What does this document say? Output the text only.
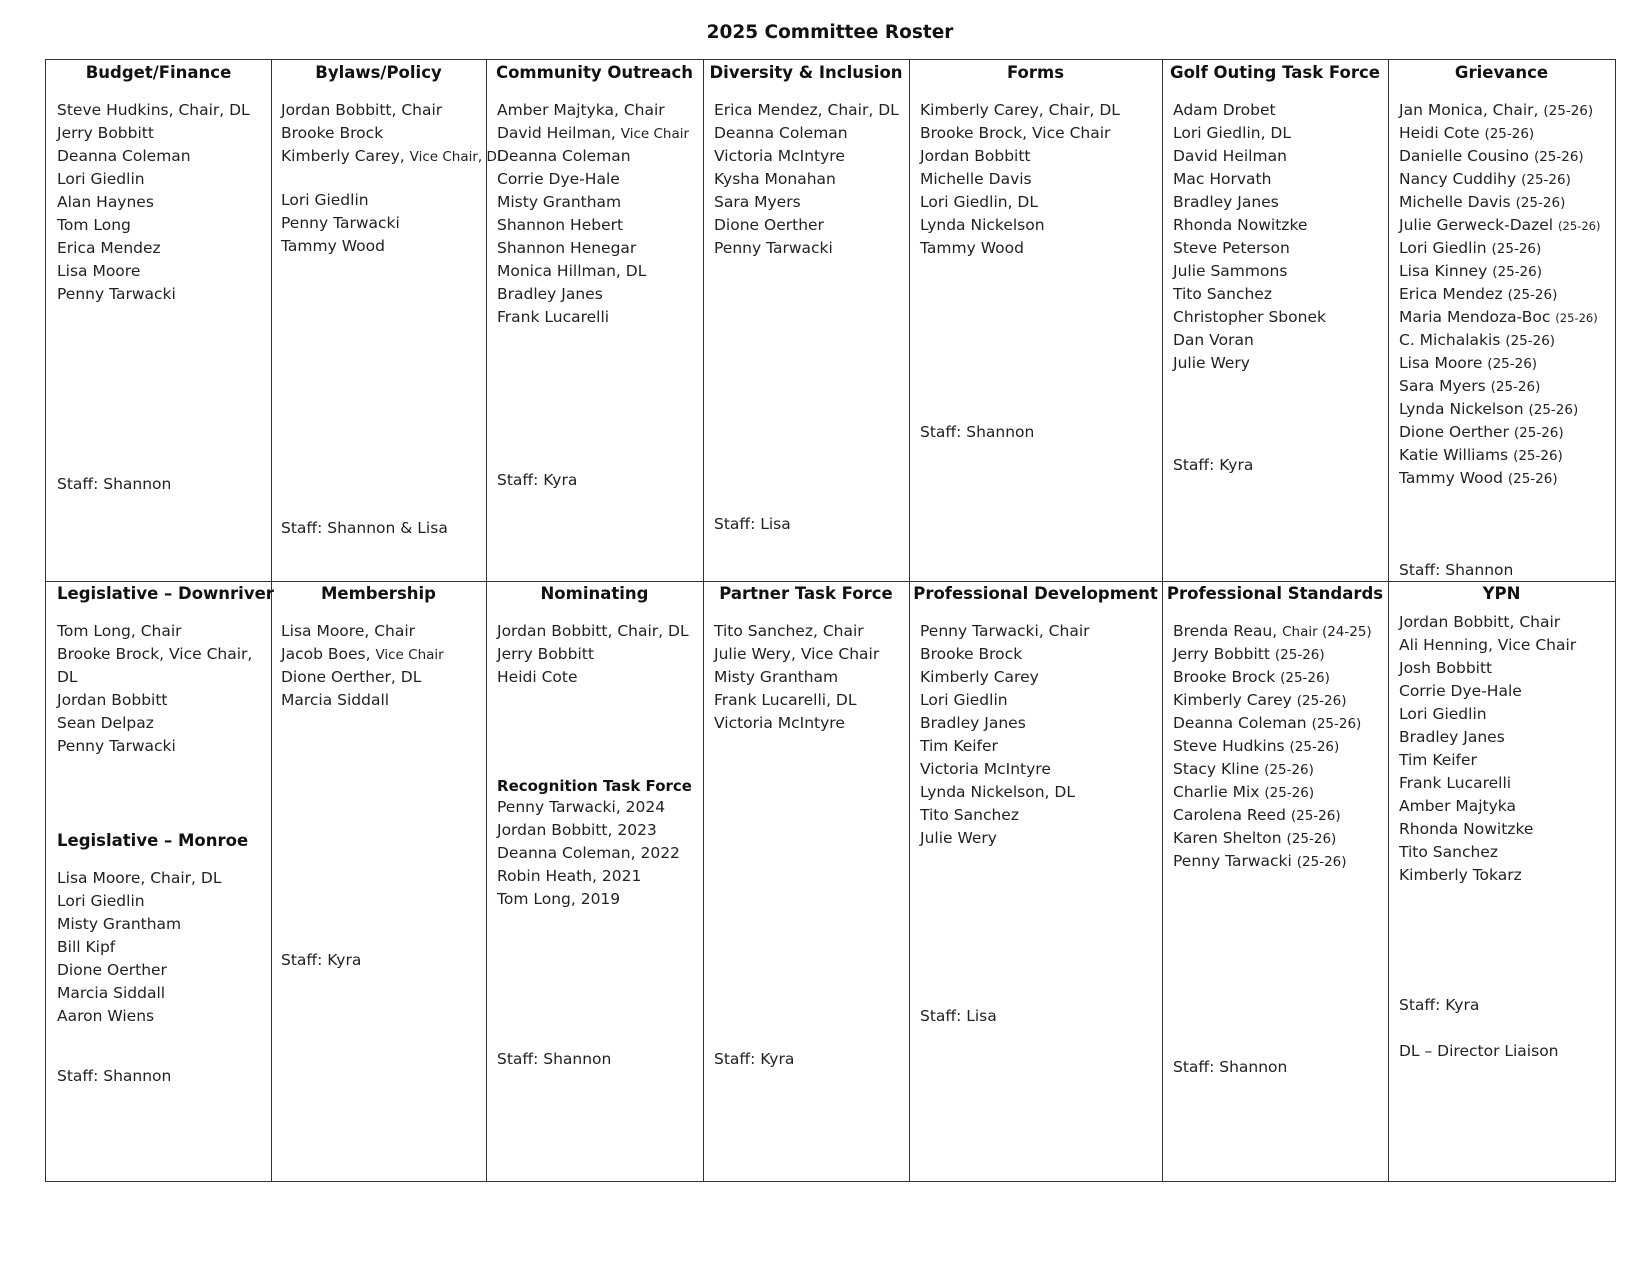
2025 Committee Roster
Budget/Finance
Steve Hudkins, Chair, DL
Jerry Bobbitt
Deanna Coleman
Lori Giedlin
Alan Haynes
Tom Long
Erica Mendez
Lisa Moore
Penny Tarwacki
Staff: Shannon
Bylaws/Policy
Jordan Bobbitt, Chair
Brooke Brock
Kimberly Carey, Vice Chair, DL
Lori Giedlin
Penny Tarwacki
Tammy Wood
Staff: Shannon & Lisa
Community Outreach
Amber Majtyka, Chair
David Heilman, Vice Chair
Deanna Coleman
Corrie Dye-Hale
Misty Grantham
Shannon Hebert
Shannon Henegar
Monica Hillman, DL
Bradley Janes
Frank Lucarelli
Staff: Kyra
Diversity & Inclusion
Erica Mendez, Chair, DL
Deanna Coleman
Victoria McIntyre
Kysha Monahan
Sara Myers
Dione Oerther
Penny Tarwacki
Staff: Lisa
Forms
Kimberly Carey, Chair, DL
Brooke Brock, Vice Chair
Jordan Bobbitt
Michelle Davis
Lori Giedlin, DL
Lynda Nickelson
Tammy Wood
Staff: Shannon
Golf Outing Task Force
Adam Drobet
Lori Giedlin, DL
David Heilman
Mac Horvath
Bradley Janes
Rhonda Nowitzke
Steve Peterson
Julie Sammons
Tito Sanchez
Christopher Sbonek
Dan Voran
Julie Wery
Staff: Kyra
Grievance
Jan Monica, Chair, (25-26)
Heidi Cote (25-26)
Danielle Cousino (25-26)
Nancy Cuddihy (25-26)
Michelle Davis (25-26)
Julie Gerweck-Dazel (25-26)
Lori Giedlin (25-26)
Lisa Kinney (25-26)
Erica Mendez (25-26)
Maria Mendoza-Boc (25-26)
C. Michalakis (25-26)
Lisa Moore (25-26)
Sara Myers (25-26)
Lynda Nickelson (25-26)
Dione Oerther (25-26)
Katie Williams (25-26)
Tammy Wood (25-26)
Staff: Shannon
Legislative – Downriver
Tom Long, Chair
Brooke Brock, Vice Chair, DL
Jordan Bobbitt
Sean Delpaz
Penny Tarwacki
Legislative – Monroe
Lisa Moore, Chair, DL
Lori Giedlin
Misty Grantham
Bill Kipf
Dione Oerther
Marcia Siddall
Aaron Wiens
Staff: Shannon
Membership
Lisa Moore, Chair
Jacob Boes, Vice Chair
Dione Oerther, DL
Marcia Siddall
Staff: Kyra
Nominating
Jordan Bobbitt, Chair, DL
Jerry Bobbitt
Heidi Cote
Recognition Task Force
Penny Tarwacki, 2024
Jordan Bobbitt, 2023
Deanna Coleman, 2022
Robin Heath, 2021
Tom Long, 2019
Staff: Shannon
Partner Task Force
Tito Sanchez, Chair
Julie Wery, Vice Chair
Misty Grantham
Frank Lucarelli, DL
Victoria McIntyre
Staff: Kyra
Professional Development
Penny Tarwacki, Chair
Brooke Brock
Kimberly Carey
Lori Giedlin
Bradley Janes
Tim Keifer
Victoria McIntyre
Lynda Nickelson, DL
Tito Sanchez
Julie Wery
Staff: Lisa
Professional Standards
Brenda Reau, Chair (24-25)
Jerry Bobbitt (25-26)
Brooke Brock (25-26)
Kimberly Carey (25-26)
Deanna Coleman (25-26)
Steve Hudkins (25-26)
Stacy Kline (25-26)
Charlie Mix (25-26)
Carolena Reed (25-26)
Karen Shelton (25-26)
Penny Tarwacki (25-26)
Staff: Shannon
YPN
Jordan Bobbitt, Chair
Ali Henning, Vice Chair
Josh Bobbitt
Corrie Dye-Hale
Lori Giedlin
Bradley Janes
Tim Keifer
Frank Lucarelli
Amber Majtyka
Rhonda Nowitzke
Tito Sanchez
Kimberly Tokarz
Staff: Kyra
DL – Director Liaison
